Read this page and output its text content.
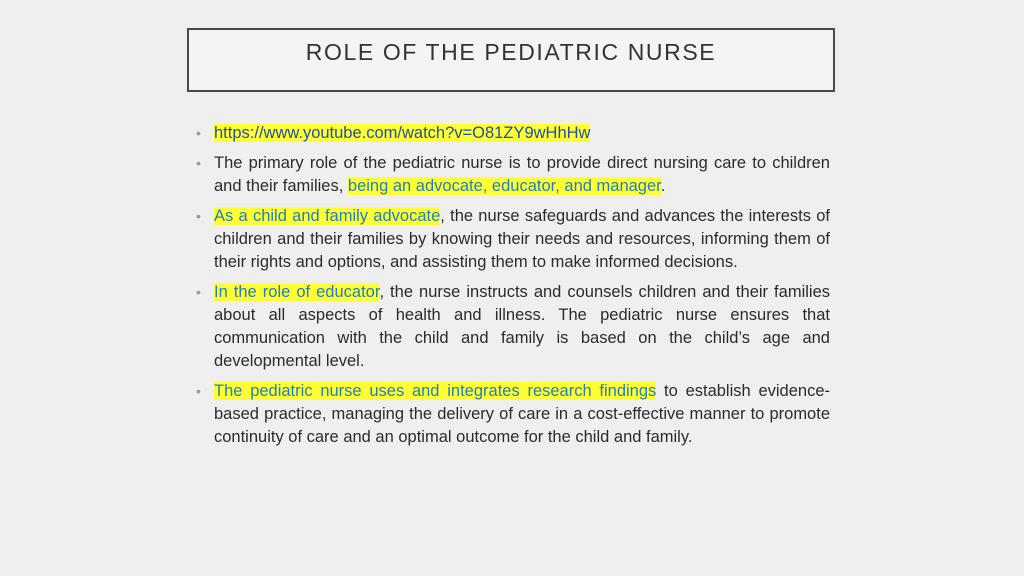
ROLE OF THE PEDIATRIC NURSE
• https://www.youtube.com/watch?v=O81ZY9wHhHw
• The primary role of the pediatric nurse is to provide direct nursing care to children and their families, being an advocate, educator, and manager.
• As a child and family advocate, the nurse safeguards and advances the interests of children and their families by knowing their needs and resources, informing them of their rights and options, and assisting them to make informed decisions.
• In the role of educator, the nurse instructs and counsels children and their families about all aspects of health and illness. The pediatric nurse ensures that communication with the child and family is based on the child’s age and developmental level.
• The pediatric nurse uses and integrates research findings to establish evidence-based practice, managing the delivery of care in a cost-effective manner to promote continuity of care and an optimal outcome for the child and family.
